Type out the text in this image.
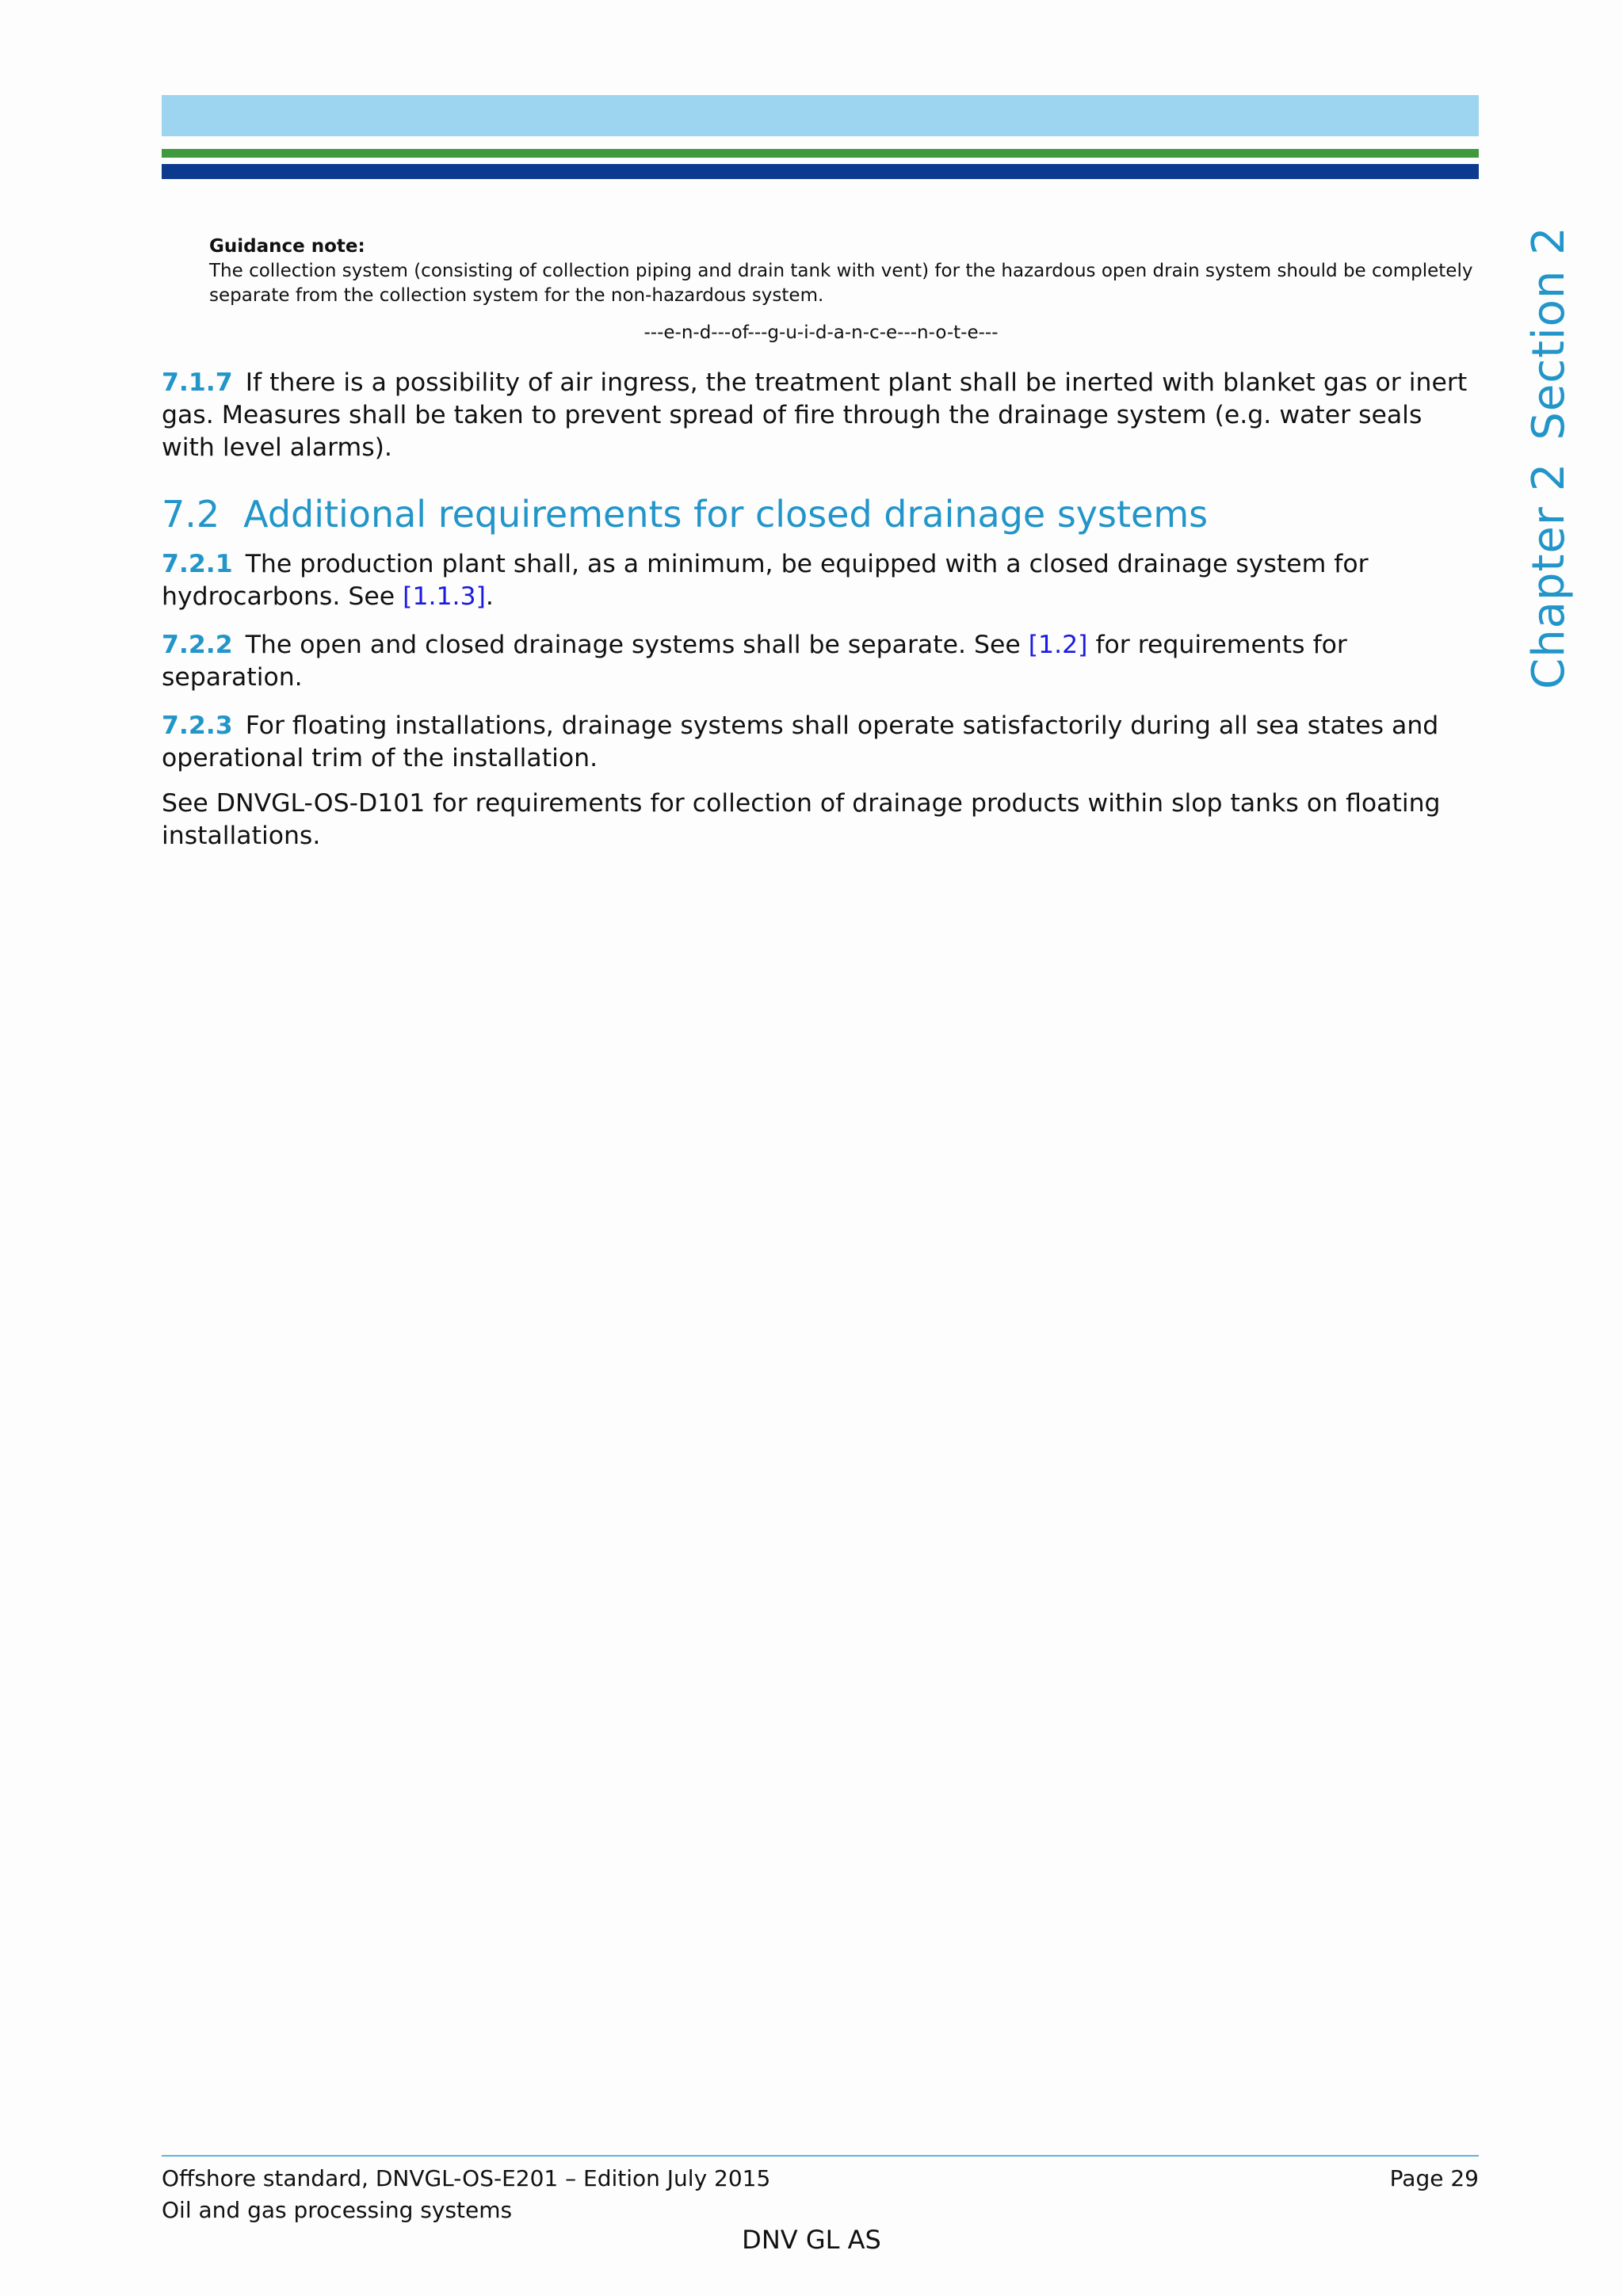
Chapter 2Section 2
Guidance note:

The collection system (consisting of collection piping and drain tank with vent) for the hazardous open drain system should be completely separate from the collection system for the non-hazardous system.

---e-n-d---of---g-u-i-d-a-n-c-e---n-o-t-e---

7.1.7 If there is a possibility of air ingress, the treatment plant shall be inerted with blanket gas or inert gas. Measures shall be taken to prevent spread of fire through the drainage system (e.g. water seals with level alarms).

7.2 Additional requirements for closed drainage systems

7.2.1 The production plant shall, as a minimum, be equipped with a closed drainage system for hydrocarbons. See [1.1.3].

7.2.2 The open and closed drainage systems shall be separate. See [1.2] for requirements for separation.

7.2.3 For floating installations, drainage systems shall operate satisfactorily during all sea states and operational trim of the installation.

See DNVGL-OS-D101 for requirements for collection of drainage products within slop tanks on floating installations.

Offshore standard, DNVGL-OS-E201 – Edition July 2015
Oil and gas processing systems
Page 29
DNV GL AS
